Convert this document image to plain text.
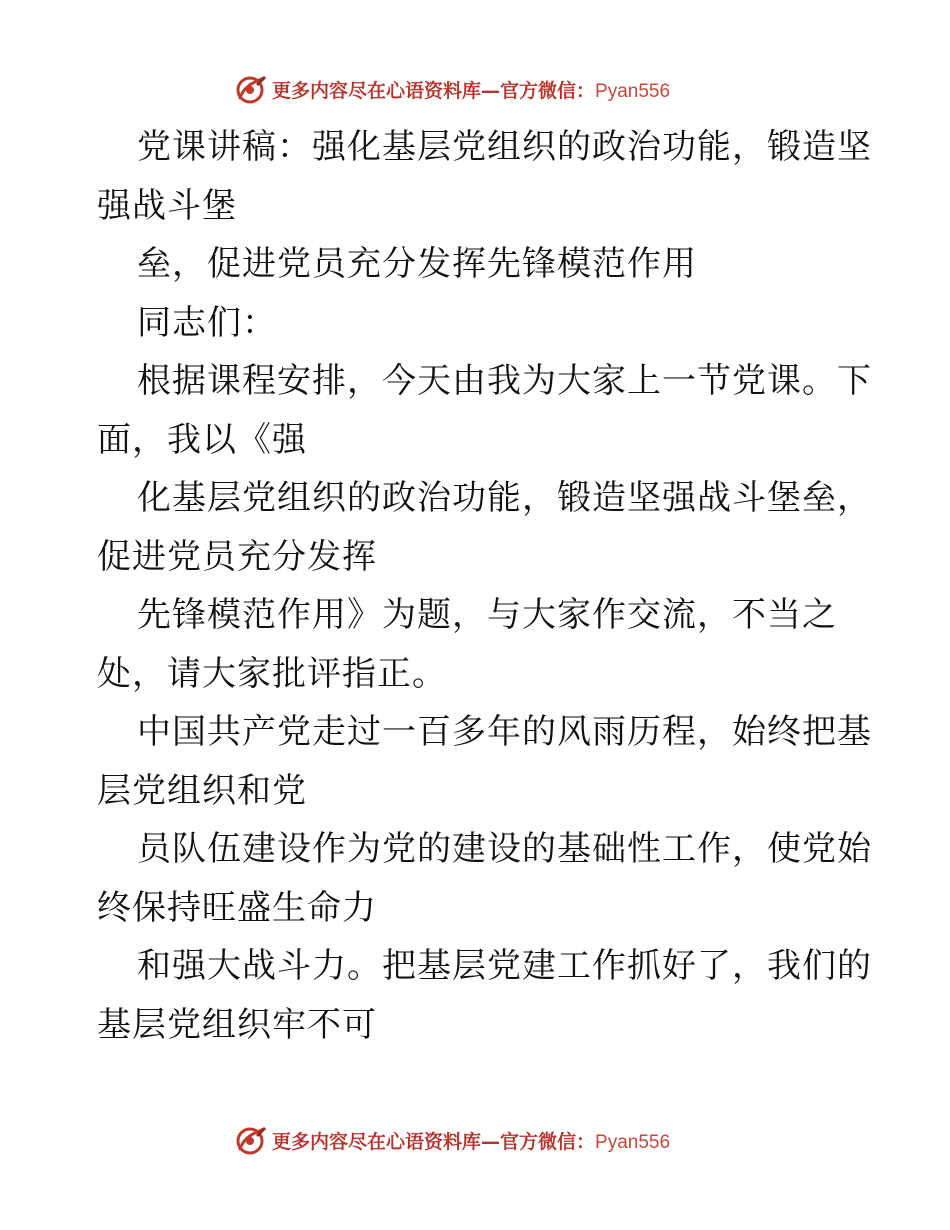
更多内容尽在心语资料库—官方微信：Pyan556
党课讲稿：强化基层党组织的政治功能，锻造坚
强战斗堡
垒，促进党员充分发挥先锋模范作用
同志们：
根据课程安排，今天由我为大家上一节党课。下
面，我以《强
化基层党组织的政治功能，锻造坚强战斗堡垒，
促进党员充分发挥
先锋模范作用》为题，与大家作交流，不当之
处，请大家批评指正。
中国共产党走过一百多年的风雨历程，始终把基
层党组织和党
员队伍建设作为党的建设的基础性工作，使党始
终保持旺盛生命力
和强大战斗力。把基层党建工作抓好了，我们的
基层党组织牢不可
更多内容尽在心语资料库—官方微信：Pyan556
